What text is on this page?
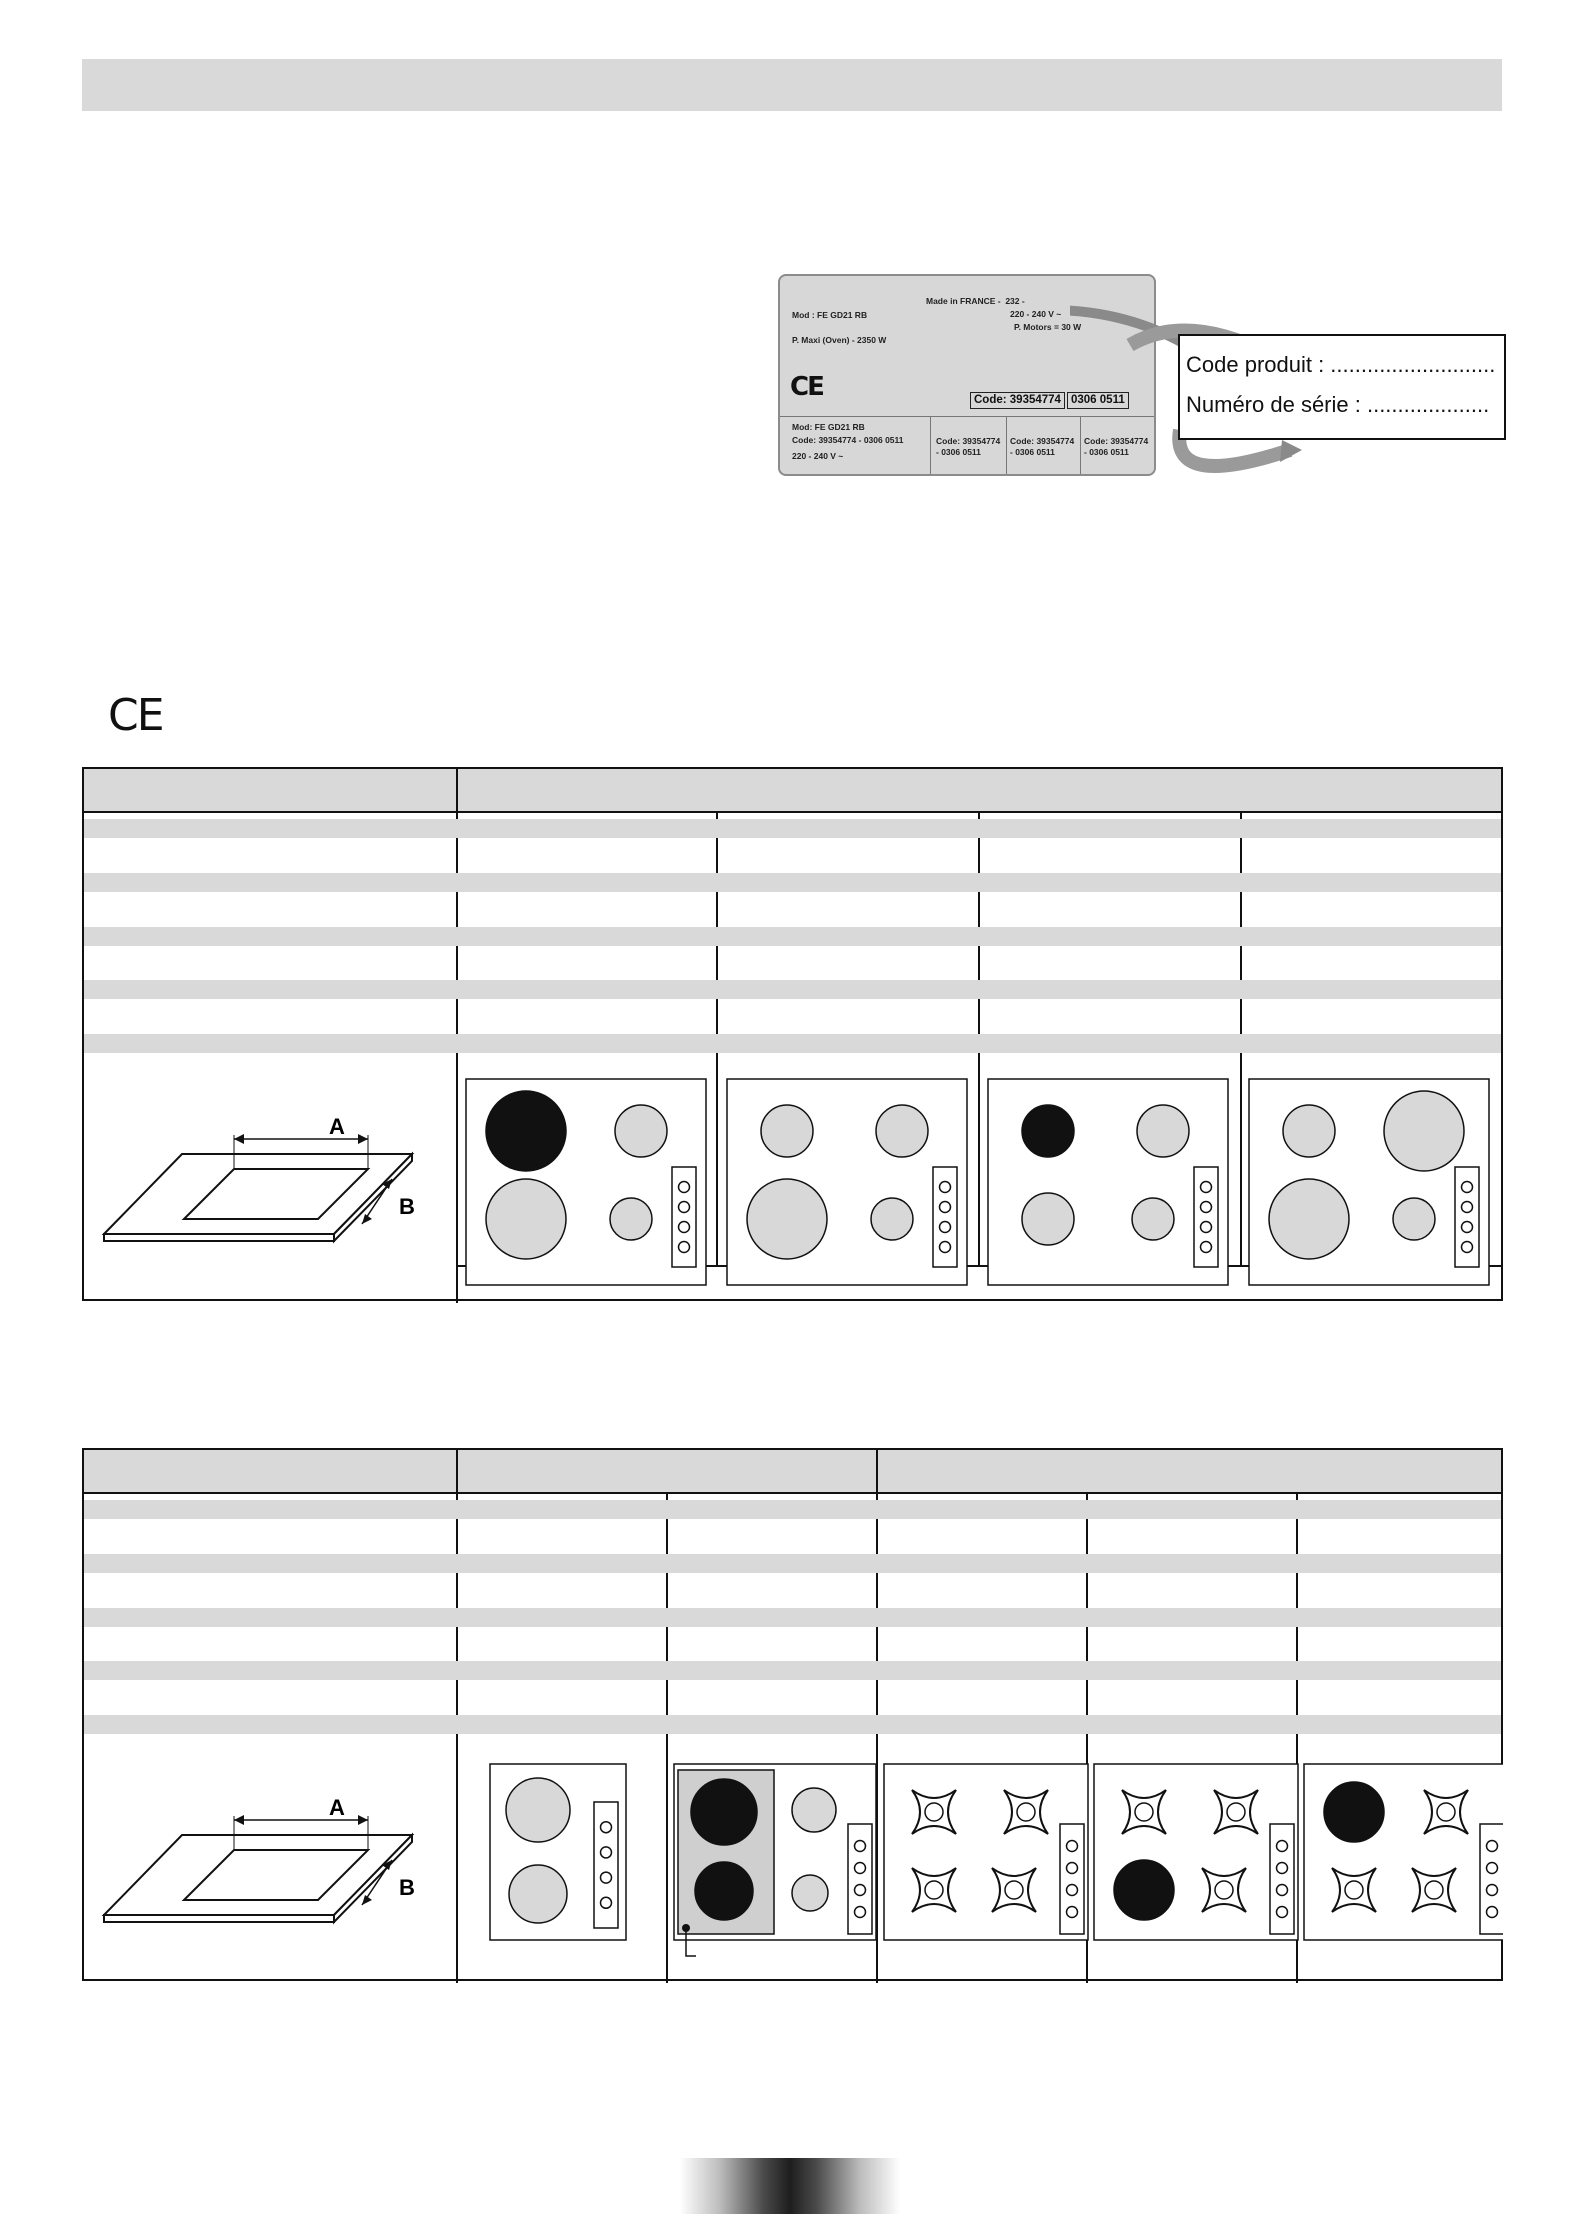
Made in FRANCE -  232 -
Mod : FE GD21 RB	220 - 240 V ~
P. Motors = 30 W
P. Maxi (Oven) - 2350 W
CE	Code: 39354774 0306 0511
Mod: FE GD21 RB
Code: 39354774 - 0306 0511
220 - 240 V ~
Code: 39354774
- 0306 0511
Code: 39354774
- 0306 0511
Code: 39354774
- 0306 0511
Code produit : ...........................
Numéro de série : ....................
CE
A
B
A
B
